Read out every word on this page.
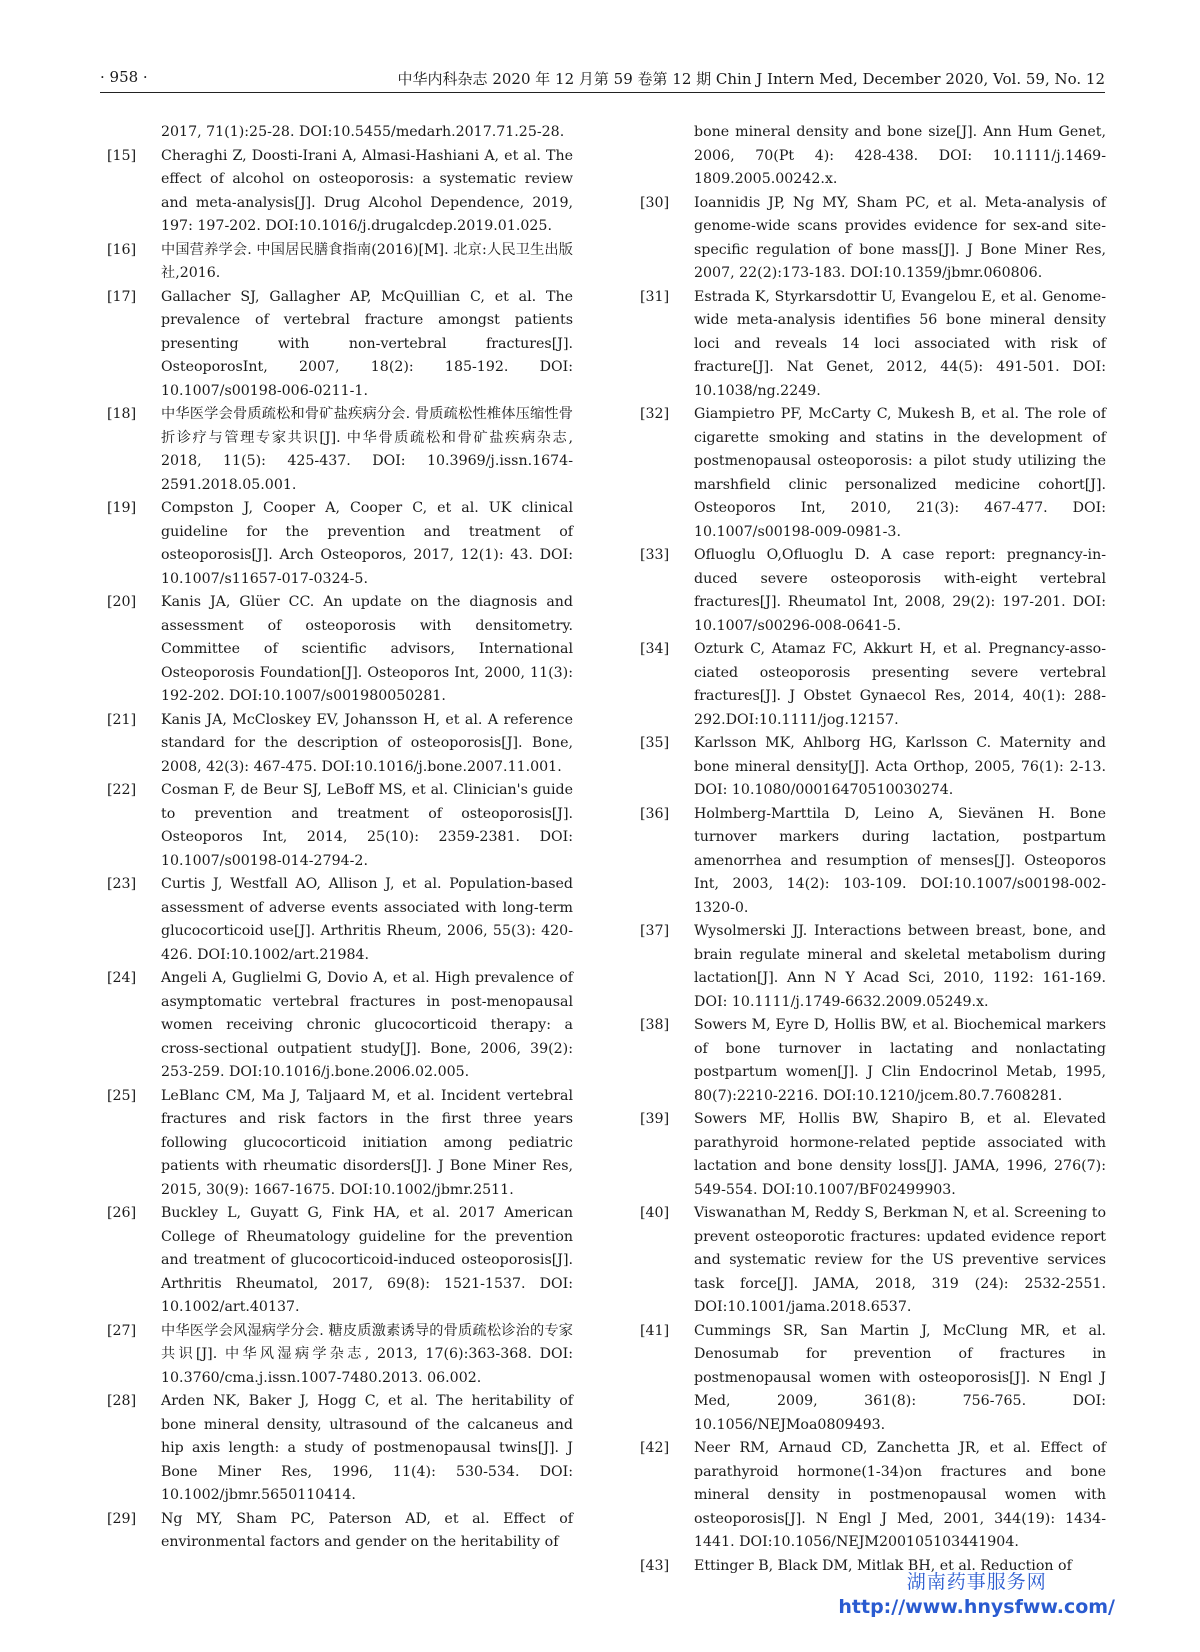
· 958 ·	中华内科杂志 2020 年 12 月第 59 卷第 12 期 Chin J Intern Med, December 2020, Vol. 59, No. 12
2017, 71(1):25-28. DOI:10.5455/medarh.2017.71.25-28.
[15]	Cheraghi Z, Doosti-Irani A, Almasi-Hashiani A, et al. The effect of alcohol on osteoporosis: a systematic review and meta-analysis[J]. Drug Alcohol Dependence, 2019, 197: 197-202. DOI:10.1016/j.drugalcdep.2019.01.025.
[16]	中国营养学会. 中国居民膳食指南(2016)[M]. 北京:人民卫生出版社,2016.
[17]	Gallacher SJ, Gallagher AP, McQuillian C, et al. The prevalence of vertebral fracture amongst patients presenting with non-vertebral fractures[J]. OsteoporosInt, 2007, 18(2): 185-192. DOI: 10.1007/s00198-006-0211-1.
[18]	中华医学会骨质疏松和骨矿盐疾病分会. 骨质疏松性椎体压缩性骨折诊疗与管理专家共识[J]. 中华骨质疏松和骨矿盐疾病杂志, 2018, 11(5): 425-437. DOI: 10.3969/j.issn.1674-2591.2018.05.001.
[19]	Compston J, Cooper A, Cooper C, et al. UK clinical guideline for the prevention and treatment of osteoporosis[J]. Arch Osteoporos, 2017, 12(1): 43. DOI: 10.1007/s11657-017-0324-5.
[20]	Kanis JA, Glüer CC. An update on the diagnosis and assessment of osteoporosis with densitometry. Committee of scientific advisors, International Osteoporosis Foundation[J]. Osteoporos Int, 2000, 11(3): 192-202. DOI:10.1007/s001980050281.
[21]	Kanis JA, McCloskey EV, Johansson H, et al. A reference standard for the description of osteoporosis[J]. Bone, 2008, 42(3): 467-475. DOI:10.1016/j.bone.2007.11.001.
[22]	Cosman F, de Beur SJ, LeBoff MS, et al. Clinician's guide to prevention and treatment of osteoporosis[J]. Osteoporos Int, 2014, 25(10): 2359-2381. DOI: 10.1007/s00198-014-2794-2.
[23]	Curtis J, Westfall AO, Allison J, et al. Population-based assessment of adverse events associated with long-term glucocorticoid use[J]. Arthritis Rheum, 2006, 55(3): 420-426. DOI:10.1002/art.21984.
[24]	Angeli A, Guglielmi G, Dovio A, et al. High prevalence of asymptomatic vertebral fractures in post-menopausal women receiving chronic glucocorticoid therapy: a cross-sectional outpatient study[J]. Bone, 2006, 39(2): 253-259. DOI:10.1016/j.bone.2006.02.005.
[25]	LeBlanc CM, Ma J, Taljaard M, et al. Incident vertebral fractures and risk factors in the first three years following glucocorticoid initiation among pediatric patients with rheumatic disorders[J]. J Bone Miner Res, 2015, 30(9): 1667-1675. DOI:10.1002/jbmr.2511.
[26]	Buckley L, Guyatt G, Fink HA, et al. 2017 American College of Rheumatology guideline for the prevention and treatment of glucocorticoid-induced osteoporosis[J]. Arthritis Rheumatol, 2017, 69(8): 1521-1537. DOI: 10.1002/art.40137.
[27]	中华医学会风湿病学分会. 糖皮质激素诱导的骨质疏松诊治的专家共识[J]. 中华风湿病学杂志, 2013, 17(6):363-368. DOI: 10.3760/cma.j.issn.1007-7480.2013. 06.002.
[28]	Arden NK, Baker J, Hogg C, et al. The heritability of bone mineral density, ultrasound of the calcaneus and hip axis length: a study of postmenopausal twins[J]. J Bone Miner Res, 1996, 11(4): 530-534. DOI: 10.1002/jbmr.5650110414.
[29]	Ng MY, Sham PC, Paterson AD, et al. Effect of environmental factors and gender on the heritability of
bone mineral density and bone size[J]. Ann Hum Genet, 2006, 70(Pt 4): 428-438. DOI: 10.1111/j.1469-1809.2005.00242.x.
[30]	Ioannidis JP, Ng MY, Sham PC, et al. Meta-analysis of genome-wide scans provides evidence for sex-and site-specific regulation of bone mass[J]. J Bone Miner Res, 2007, 22(2):173-183. DOI:10.1359/jbmr.060806.
[31]	Estrada K, Styrkarsdottir U, Evangelou E, et al. Genome-wide meta-analysis identifies 56 bone mineral density loci and reveals 14 loci associated with risk of fracture[J]. Nat Genet, 2012, 44(5): 491-501. DOI: 10.1038/ng.2249.
[32]	Giampietro PF, McCarty C, Mukesh B, et al. The role of cigarette smoking and statins in the development of postmenopausal osteoporosis: a pilot study utilizing the marshfield clinic personalized medicine cohort[J]. Osteoporos Int, 2010, 21(3): 467-477. DOI: 10.1007/s00198-009-0981-3.
[33]	Ofluoglu O,Ofluoglu D. A case report: pregnancy-in-duced severe osteoporosis with-eight vertebral fractures[J]. Rheumatol Int, 2008, 29(2): 197-201. DOI: 10.1007/s00296-008-0641-5.
[34]	Ozturk C, Atamaz FC, Akkurt H, et al. Pregnancy-asso-ciated osteoporosis presenting severe vertebral fractures[J]. J Obstet Gynaecol Res, 2014, 40(1): 288-292.DOI:10.1111/jog.12157.
[35]	Karlsson MK, Ahlborg HG, Karlsson C. Maternity and bone mineral density[J]. Acta Orthop, 2005, 76(1): 2-13. DOI: 10.1080/00016470510030274.
[36]	Holmberg-Marttila D, Leino A, Sievänen H. Bone turnover markers during lactation, postpartum amenorrhea and resumption of menses[J]. Osteoporos Int, 2003, 14(2): 103-109. DOI:10.1007/s00198-002-1320-0.
[37]	Wysolmerski JJ. Interactions between breast, bone, and brain regulate mineral and skeletal metabolism during lactation[J]. Ann N Y Acad Sci, 2010, 1192: 161-169. DOI: 10.1111/j.1749-6632.2009.05249.x.
[38]	Sowers M, Eyre D, Hollis BW, et al. Biochemical markers of bone turnover in lactating and nonlactating postpartum women[J]. J Clin Endocrinol Metab, 1995, 80(7):2210-2216. DOI:10.1210/jcem.80.7.7608281.
[39]	Sowers MF, Hollis BW, Shapiro B, et al. Elevated parathyroid hormone-related peptide associated with lactation and bone density loss[J]. JAMA, 1996, 276(7): 549-554. DOI:10.1007/BF02499903.
[40]	Viswanathan M, Reddy S, Berkman N, et al. Screening to prevent osteoporotic fractures: updated evidence report and systematic review for the US preventive services task force[J]. JAMA, 2018, 319 (24): 2532-2551. DOI:10.1001/jama.2018.6537.
[41]	Cummings SR, San Martin J, McClung MR, et al. Denosumab for prevention of fractures in postmenopausal women with osteoporosis[J]. N Engl J Med, 2009, 361(8): 756-765. DOI: 10.1056/NEJMoa0809493.
[42]	Neer RM, Arnaud CD, Zanchetta JR, et al. Effect of parathyroid hormone(1-34)on fractures and bone mineral density in postmenopausal women with osteoporosis[J]. N Engl J Med, 2001, 344(19): 1434-1441. DOI:10.1056/NEJM200105103441904.
[43]	Ettinger B, Black DM, Mitlak BH, et al. Reduction of
湖南药事服务网
http://www.hnysfww.com/
